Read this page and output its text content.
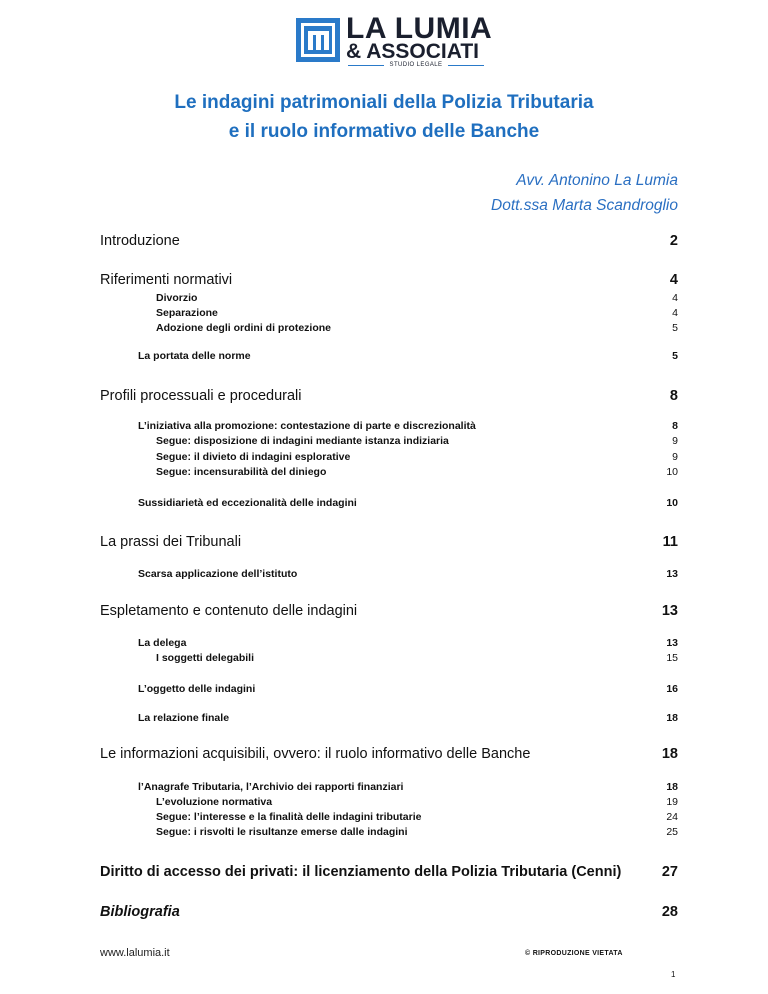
LA LUMIA
& ASSOCIATI
STUDIO LEGALE
Le indagini patrimoniali della Polizia Tributaria
e il ruolo informativo delle Banche
Avv. Antonino La Lumia
Dott.ssa Marta Scandroglio
Introduzione	2
Riferimenti normativi	4
Divorzio	4
Separazione	4
Adozione degli ordini di protezione	5
La portata delle norme	5
Profili processuali e procedurali	8
L’iniziativa alla promozione: contestazione di parte e discrezionalità	8
Segue: disposizione di indagini mediante istanza indiziaria	9
Segue: il divieto di indagini esplorative	9
Segue: incensurabilità del diniego	10
Sussidiarietà ed eccezionalità delle indagini	10
La prassi dei Tribunali	11
Scarsa applicazione dell’istituto	13
Espletamento e contenuto delle indagini	13
La delega	13
I soggetti delegabili	15
L’oggetto delle indagini	16
La relazione finale	18
Le informazioni acquisibili, ovvero: il ruolo informativo delle Banche	18
l’Anagrafe Tributaria, l’Archivio dei rapporti finanziari	18
L’evoluzione normativa	19
Segue: l’interesse e la finalità delle indagini tributarie	24
Segue: i risvolti le risultanze emerse dalle indagini	25
Diritto di accesso dei privati: il licenziamento della Polizia Tributaria (Cenni)	27
Bibliografia	28
www.lalumia.it	© RIPRODUZIONE VIETATA
1
